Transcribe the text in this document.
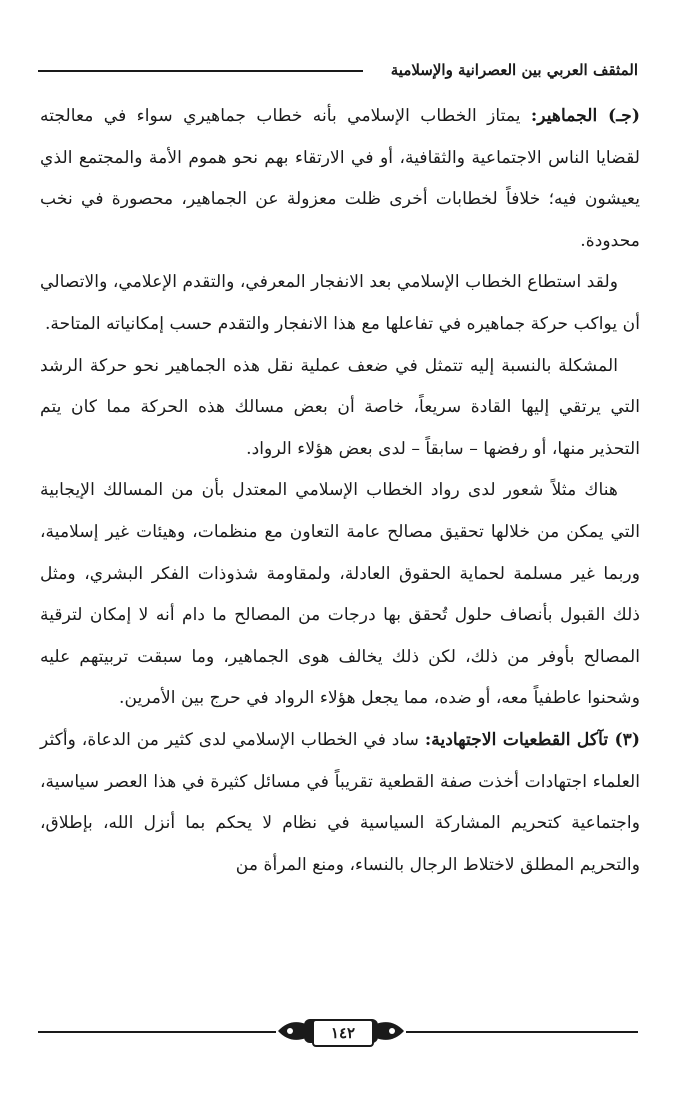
المثقف العربي بين العصرانية والإسلامية

(جـ) الجماهير: يمتاز الخطاب الإسلامي بأنه خطاب جماهيري سواء في معالجته لقضايا الناس الاجتماعية والثقافية، أو في الارتقاء بهم نحو هموم الأمة والمجتمع الذي يعيشون فيه؛ خلافاً لخطابات أخرى ظلت معزولة عن الجماهير، محصورة في نخب محدودة.

ولقد استطاع الخطاب الإسلامي بعد الانفجار المعرفي، والتقدم الإعلامي، والاتصالي أن يواكب حركة جماهيره في تفاعلها مع هذا الانفجار والتقدم حسب إمكانياته المتاحة.

المشكلة بالنسبة إليه تتمثل في ضعف عملية نقل هذه الجماهير نحو حركة الرشد التي يرتقي إليها القادة سريعاً، خاصة أن بعض مسالك هذه الحركة مما كان يتم التحذير منها، أو رفضها – سابقاً – لدى بعض هؤلاء الرواد.

هناك مثلاً شعور لدى رواد الخطاب الإسلامي المعتدل بأن من المسالك الإيجابية التي يمكن من خلالها تحقيق مصالح عامة التعاون مع منظمات، وهيئات غير إسلامية، وربما غير مسلمة لحماية الحقوق العادلة، ولمقاومة شذوذات الفكر البشري، ومثل ذلك القبول بأنصاف حلول تُحقق بها درجات من المصالح ما دام أنه لا إمكان لترقية المصالح بأوفر من ذلك، لكن ذلك يخالف هوى الجماهير، وما سبقت تربيتهم عليه وشحنوا عاطفياً معه، أو ضده، مما يجعل هؤلاء الرواد في حرج بين الأمرين.

(٣) تآكل القطعيات الاجتهادية: ساد في الخطاب الإسلامي لدى كثير من الدعاة، وأكثر العلماء اجتهادات أخذت صفة القطعية تقريباً في مسائل كثيرة في هذا العصر سياسية، واجتماعية كتحريم المشاركة السياسية في نظام لا يحكم بما أنزل الله، بإطلاق، والتحريم المطلق لاختلاط الرجال بالنساء، ومنع المرأة من

١٤٢
